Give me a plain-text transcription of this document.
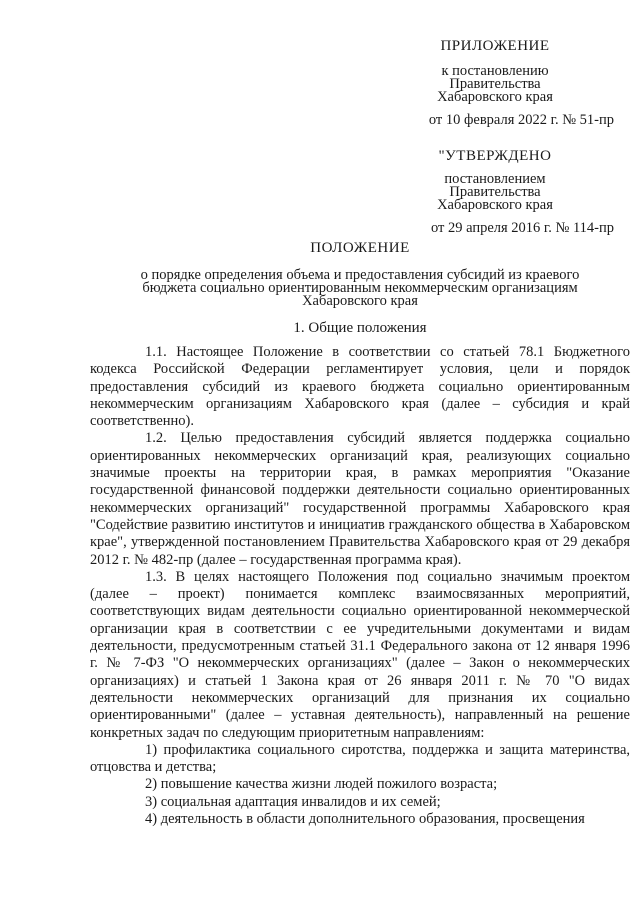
ПРИЛОЖЕНИЕ
к постановлению
Правительства
Хабаровского края
от 10 февраля 2022 г. № 51-пр
"УТВЕРЖДЕНО
постановлением
Правительства
Хабаровского края
от 29 апреля 2016 г. № 114-пр
ПОЛОЖЕНИЕ
о порядке определения объема и предоставления субсидий из краевого
бюджета социально ориентированным некоммерческим организациям
Хабаровского края
1. Общие положения

1.1. Настоящее Положение в соответствии со статьей 78.1 Бюджетного кодекса Российской Федерации регламентирует условия, цели и порядок предоставления субсидий из краевого бюджета социально ориентированным некоммерческим организациям Хабаровского края (далее – субсидия и край соответственно).

1.2. Целью предоставления субсидий является поддержка социально ориентированных некоммерческих организаций края, реализующих социально значимые проекты на территории края, в рамках мероприятия "Оказание государственной финансовой поддержки деятельности социально ориентированных некоммерческих организаций" государственной программы Хабаровского края "Содействие развитию институтов и инициатив гражданского общества в Хабаровском крае", утвержденной постановлением Правительства Хабаровского края от 29 декабря 2012 г. № 482-пр (далее – государственная программа края).

1.3. В целях настоящего Положения под социально значимым проектом (далее – проект) понимается комплекс взаимосвязанных мероприятий, соответствующих видам деятельности социально ориентированной некоммерческой организации края в соответствии с ее учредительными документами и видам деятельности, предусмотренным статьей 31.1 Федерального закона от 12 января 1996 г. № 7-ФЗ "О некоммерческих организациях" (далее – Закон о некоммерческих организациях) и статьей 1 Закона края от 26 января 2011 г. № 70 "О видах деятельности некоммерческих организаций для признания их социально ориентированными" (далее – уставная деятельность), направленный на решение конкретных задач по следующим приоритетным направлениям:

1) профилактика социального сиротства, поддержка и защита материнства, отцовства и детства;

2) повышение качества жизни людей пожилого возраста;

3) социальная адаптация инвалидов и их семей;

4) деятельность в области дополнительного образования, просвещения
